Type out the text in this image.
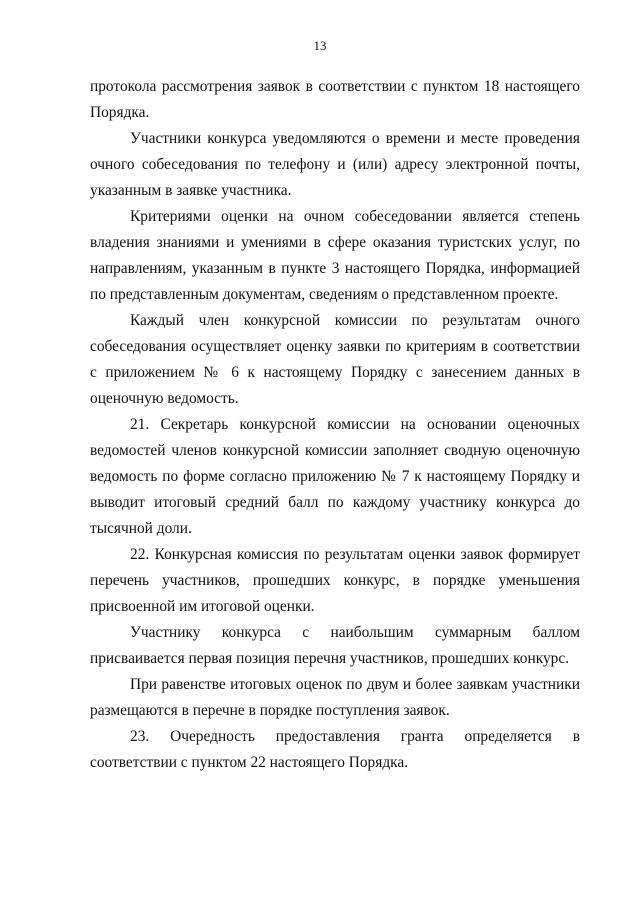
13

протокола рассмотрения заявок в соответствии с пунктом 18 настоящего Порядка.

Участники конкурса уведомляются о времени и месте проведения очного собеседования по телефону и (или) адресу электронной почты, указанным в заявке участника.

Критериями оценки на очном собеседовании является степень владения знаниями и умениями в сфере оказания туристских услуг, по направлениям, указанным в пункте 3 настоящего Порядка, информацией по представленным документам, сведениям о представленном проекте.

Каждый член конкурсной комиссии по результатам очного собеседования осуществляет оценку заявки по критериям в соответствии с приложением № 6 к настоящему Порядку с занесением данных в оценочную ведомость.

21. Секретарь конкурсной комиссии на основании оценочных ведомостей членов конкурсной комиссии заполняет сводную оценочную ведомость по форме согласно приложению № 7 к настоящему Порядку и выводит итоговый средний балл по каждому участнику конкурса до тысячной доли.

22. Конкурсная комиссия по результатам оценки заявок формирует перечень участников, прошедших конкурс, в порядке уменьшения присвоенной им итоговой оценки.

Участнику конкурса с наибольшим суммарным баллом присваивается первая позиция перечня участников, прошедших конкурс.

При равенстве итоговых оценок по двум и более заявкам участники размещаются в перечне в порядке поступления заявок.

23. Очередность предоставления гранта определяется в соответствии с пунктом 22 настоящего Порядка.
